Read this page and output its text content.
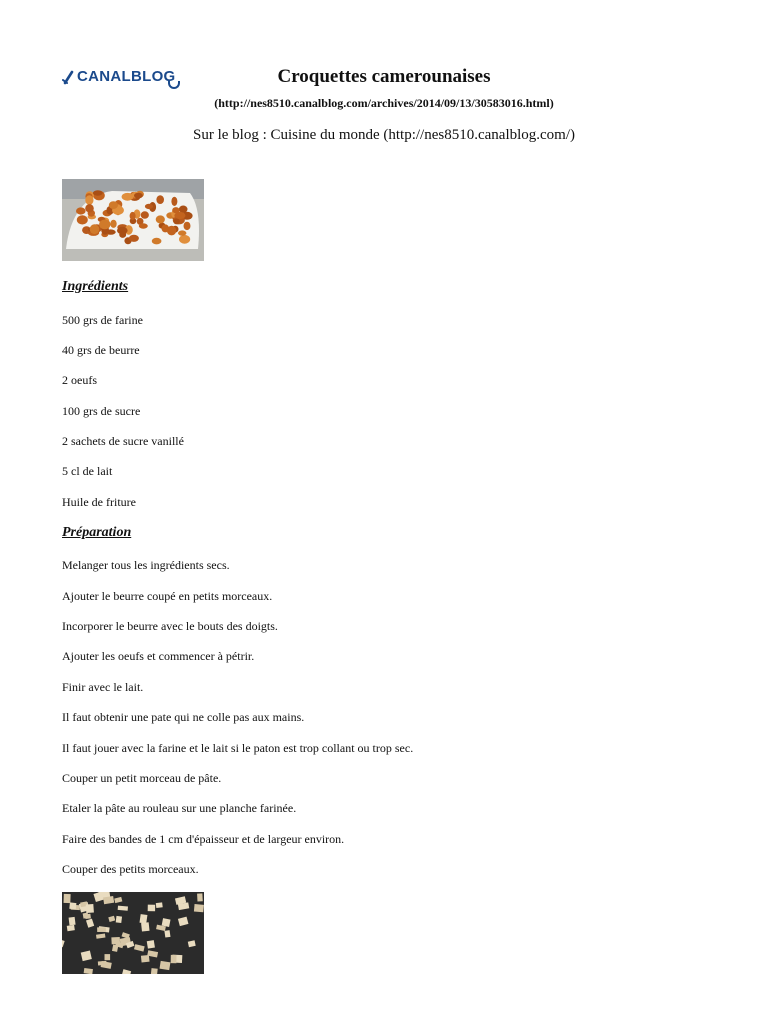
CANALBLOG	Croquettes camerounaises
(http://nes8510.canalblog.com/archives/2014/09/13/30583016.html)
Sur le blog : Cuisine du monde (http://nes8510.canalblog.com/)
Ingrédients
500 grs de farine
40 grs de beurre
2 oeufs
100 grs de sucre
2 sachets de sucre vanillé
5 cl de lait
Huile de friture
Préparation
Melanger tous les ingrédients secs.
Ajouter le beurre coupé en petits morceaux.
Incorporer le beurre avec le bouts des doigts.
Ajouter les oeufs et commencer à pétrir.
Finir avec le lait.
Il faut obtenir une pate qui ne colle pas aux mains.
Il faut jouer avec la farine et le lait si le paton est trop collant ou trop sec.
Couper un petit morceau de pâte.
Etaler la pâte au rouleau sur une planche farinée.
Faire des bandes de 1 cm d'épaisseur et de largeur environ.
Couper des petits morceaux.
